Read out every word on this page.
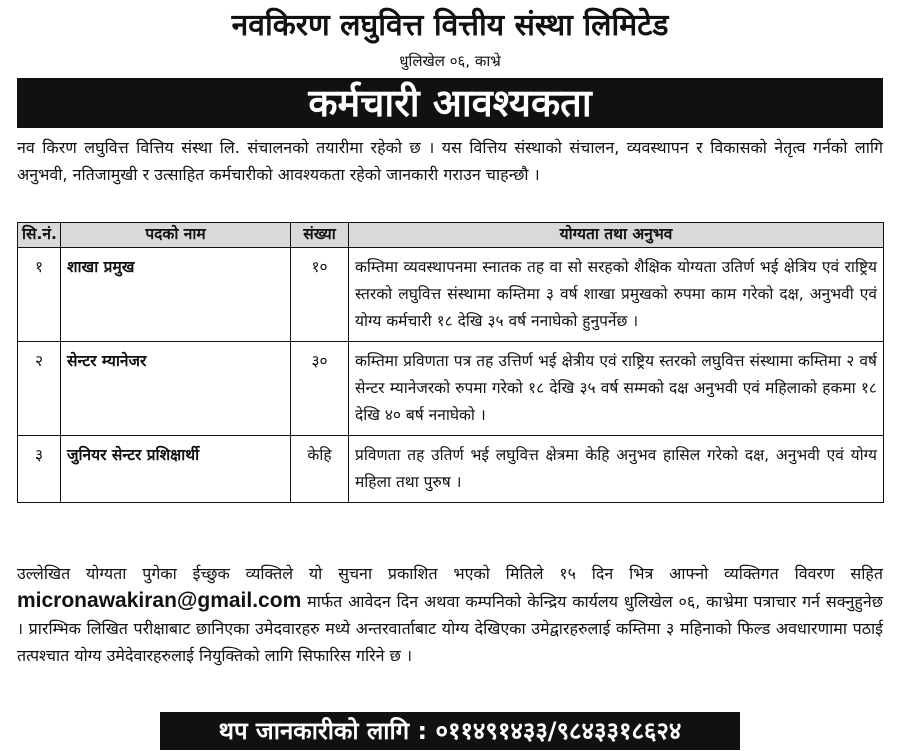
नवकिरण लघुवित्त वित्तीय संस्था लिमिटेड
धुलिखेल ०६, काभ्रे
कर्मचारी आवश्यकता
नव किरण लघुवित्त वित्तिय संस्था लि. संचालनको तयारीमा रहेको छ । यस वित्तिय संस्थाको संचालन, व्यवस्थापन र विकासको नेतृत्व गर्नको लागि अनुभवी, नतिजामुखी र उत्साहित कर्मचारीको आवश्यकता रहेको जानकारी गराउन चाहन्छौ ।
सि.नं.	पदको नाम	संख्या	योग्यता तथा अनुभव
१	शाखा प्रमुख	१०	कम्तिमा व्यवस्थापनमा स्नातक तह वा सो सरहको शैक्षिक योग्यता उतिर्ण भई क्षेत्रिय एवं राष्ट्रिय स्तरको लघुवित्त संस्थामा कम्तिमा ३ वर्ष शाखा प्रमुखको रुपमा काम गरेको दक्ष, अनुभवी एवं योग्य कर्मचारी १८ देखि ३५ वर्ष ननाघेको हुनुपर्नेछ ।
२	सेन्टर म्यानेजर	३०	कम्तिमा प्रविणता पत्र तह उत्तिर्ण भई क्षेत्रीय एवं राष्ट्रिय स्तरको लघुवित्त संस्थामा कम्तिमा २ वर्ष सेन्टर म्यानेजरको रुपमा गरेको १८ देखि ३५ वर्ष सम्मको दक्ष अनुभवी एवं महिलाको हकमा १८ देखि ४० बर्ष ननाघेको ।
३	जुनियर सेन्टर प्रशिक्षार्थी	केहि	प्रविणता तह उतिर्ण भई लघुवित्त क्षेत्रमा केहि अनुभव हासिल गरेको दक्ष, अनुभवी एवं योग्य महिला तथा पुरुष ।
उल्लेखित योग्यता पुगेका ईच्छुक व्यक्तिले यो सुचना प्रकाशित भएको मितिले १५ दिन भित्र आफ्नो व्यक्तिगत विवरण सहित micronawakiran@gmail.com मार्फत आवेदन दिन अथवा कम्पनिको केन्द्रिय कार्यलय धुलिखेल ०६, काभ्रेमा पत्राचार गर्न सक्नुहुनेछ । प्रारम्भिक लिखित परीक्षाबाट छानिएका उमेदवारहरु मध्ये अन्तरवार्ताबाट योग्य देखिएका उमेद्वारहरुलाई कम्तिमा ३ महिनाको फिल्ड अवधारणामा पठाई तत्पश्चात योग्य उमेदेवारहरुलाई नियुक्तिको लागि सिफारिस गरिने छ ।
थप जानकारीको लागि : ०११४९१४३३/९८४३३१८६२४
